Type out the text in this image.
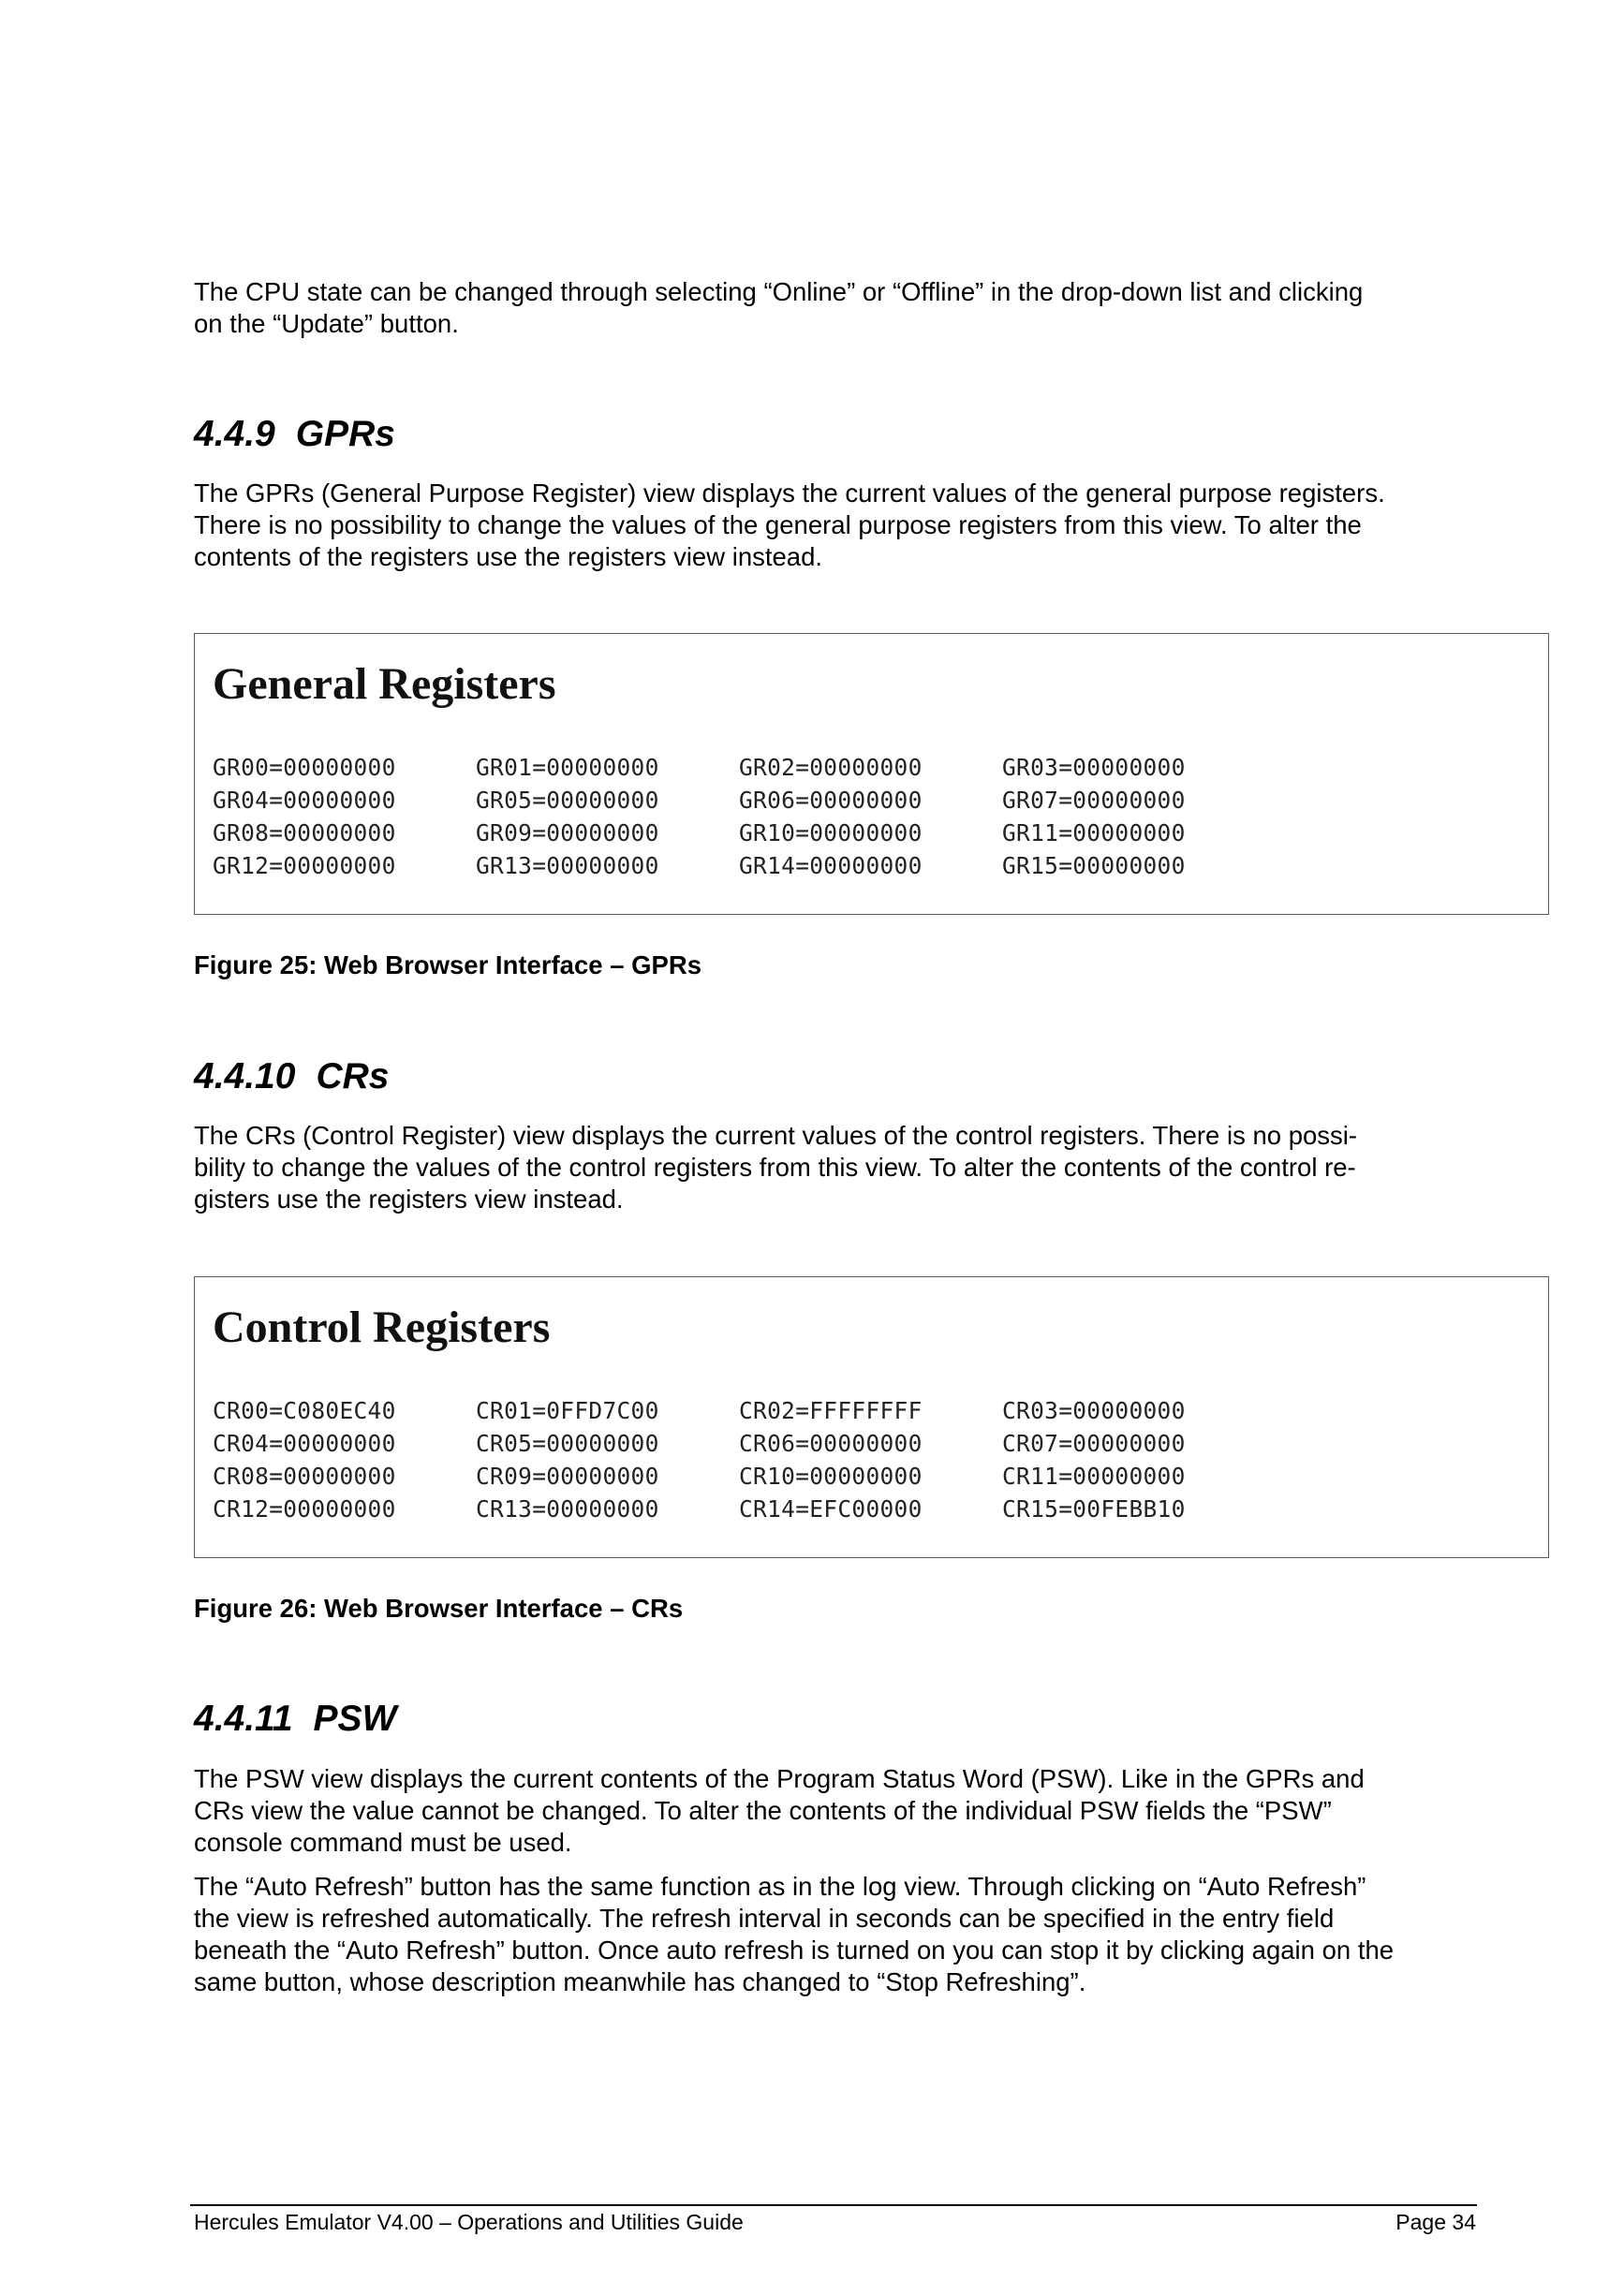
The CPU state can be changed through selecting “Online” or “Offline” in the drop-down list and clicking
on the “Update” button.
4.4.9 GPRs
The GPRs (General Purpose Register) view displays the current values of the general purpose registers.
There is no possibility to change the values of the general purpose registers from this view. To alter the
contents of the registers use the registers view instead.
General Registers
GR00=00000000	GR01=00000000	GR02=00000000	GR03=00000000
GR04=00000000	GR05=00000000	GR06=00000000	GR07=00000000
GR08=00000000	GR09=00000000	GR10=00000000	GR11=00000000
GR12=00000000	GR13=00000000	GR14=00000000	GR15=00000000
Figure 25: Web Browser Interface – GPRs
4.4.10 CRs
The CRs (Control Register) view displays the current values of the control registers. There is no possi-
bility to change the values of the control registers from this view. To alter the contents of the control re-
gisters use the registers view instead.
Control Registers
CR00=C080EC40	CR01=0FFD7C00	CR02=FFFFFFFF	CR03=00000000
CR04=00000000	CR05=00000000	CR06=00000000	CR07=00000000
CR08=00000000	CR09=00000000	CR10=00000000	CR11=00000000
CR12=00000000	CR13=00000000	CR14=EFC00000	CR15=00FEBB10
Figure 26: Web Browser Interface – CRs
4.4.11 PSW
The PSW view displays the current contents of the Program Status Word (PSW). Like in the GPRs and
CRs view the value cannot be changed. To alter the contents of the individual PSW fields the “PSW”
console command must be used.
The “Auto Refresh” button has the same function as in the log view. Through clicking on “Auto Refresh”
the view is refreshed automatically. The refresh interval in seconds can be specified in the entry field
beneath the “Auto Refresh” button. Once auto refresh is turned on you can stop it by clicking again on the
same button, whose description meanwhile has changed to “Stop Refreshing”.
Hercules Emulator V4.00 – Operations and Utilities Guide	Page 34
